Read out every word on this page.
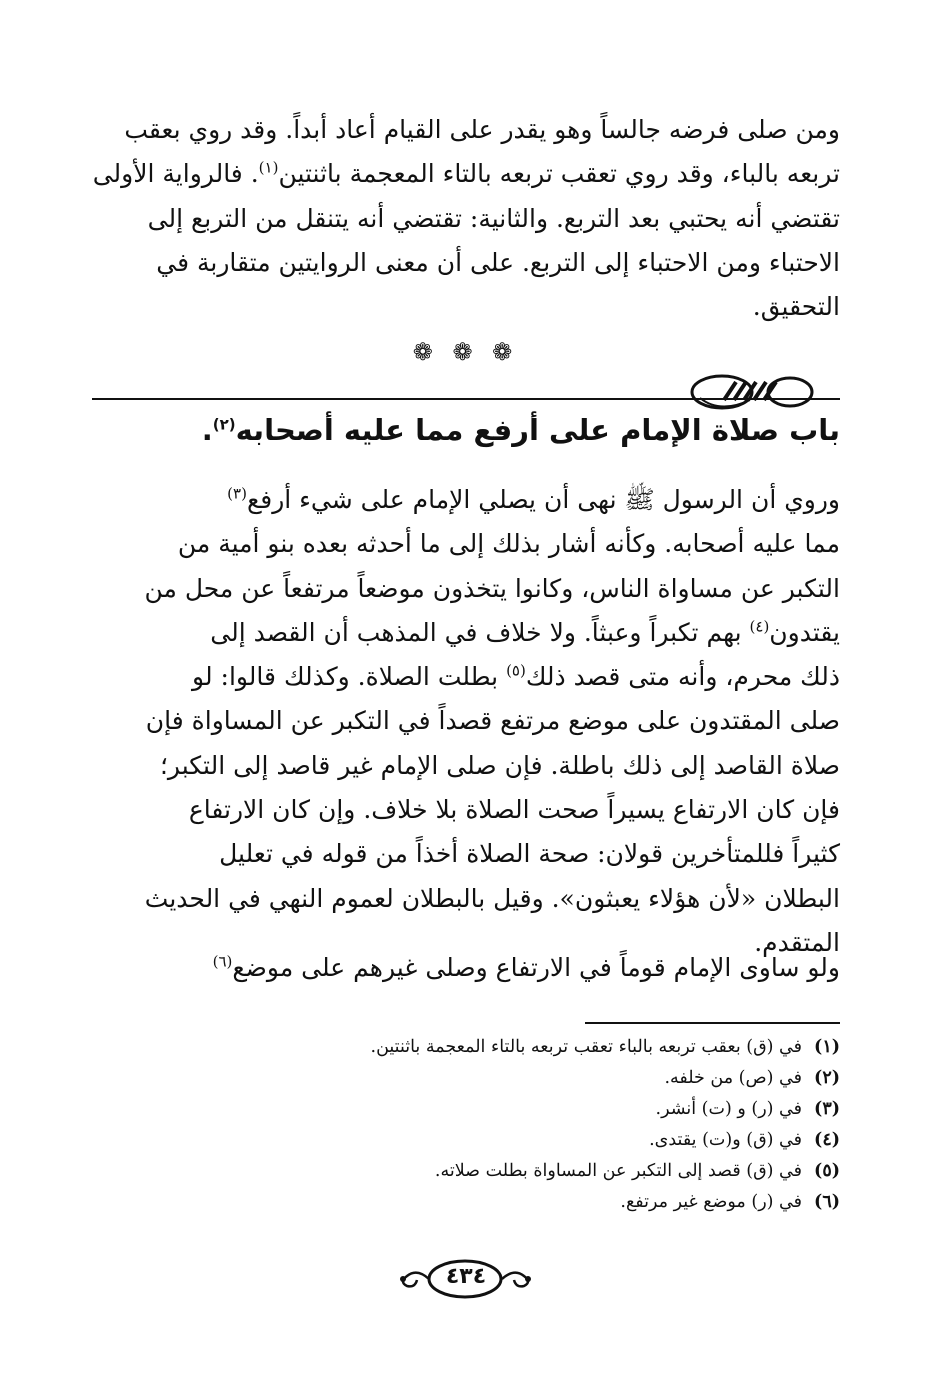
ومن صلى فرضه جالساً وهو يقدر على القيام أعاد أبداً. وقد روي بعقب
تربعه بالباء، وقد روي تعقب تربعه بالتاء المعجمة باثنتين$^{(١)}$. فالرواية الأولى
تقتضي أنه يحتبي بعد التربع. والثانية: تقتضي أنه يتنقل من التربع إلى
الاحتباء ومن الاحتباء إلى التربع. على أن معنى الروايتين متقاربة في
التحقيق.
❁ ❁ ❁
باب صلاة الإمام على أرفع مما عليه أصحابه$^{(٢)}$.
وروي أن الرسول ﷺ نهى أن يصلي الإمام على شيء أرفع$^{(٣)}$
مما عليه أصحابه. وكأنه أشار بذلك إلى ما أحدثه بعده بنو أمية من
التكبر عن مساواة الناس، وكانوا يتخذون موضعاً مرتفعاً عن محل من
يقتدون$^{(٤)}$ بهم تكبراً وعبثاً. ولا خلاف في المذهب أن القصد إلى
ذلك محرم، وأنه متى قصد ذلك$^{(٥)}$ بطلت الصلاة. وكذلك قالوا: لو
صلى المقتدون على موضع مرتفع قصداً في التكبر عن المساواة فإن
صلاة القاصد إلى ذلك باطلة. فإن صلى الإمام غير قاصد إلى التكبر؛
فإن كان الارتفاع يسيراً صحت الصلاة بلا خلاف. وإن كان الارتفاع
كثيراً فللمتأخرين قولان: صحة الصلاة أخذاً من قوله في تعليل
البطلان «لأن هؤلاء يعبثون». وقيل بالبطلان لعموم النهي في الحديث
المتقدم.
ولو ساوى الإمام قوماً في الارتفاع وصلى غيرهم على موضع$^{(٦)}$
(١)في (ق) بعقب تربعه بالباء تعقب تربعه بالتاء المعجمة باثنتين.
(٢)في (ص) من خلفه.
(٣)في (ر) و (ت) أنشر.
(٤)في (ق) و(ت) يقتدى.
(٥)في (ق) قصد إلى التكبر عن المساواة بطلت صلاته.
(٦)في (ر) موضع غير مرتفع.
٤٣٤
